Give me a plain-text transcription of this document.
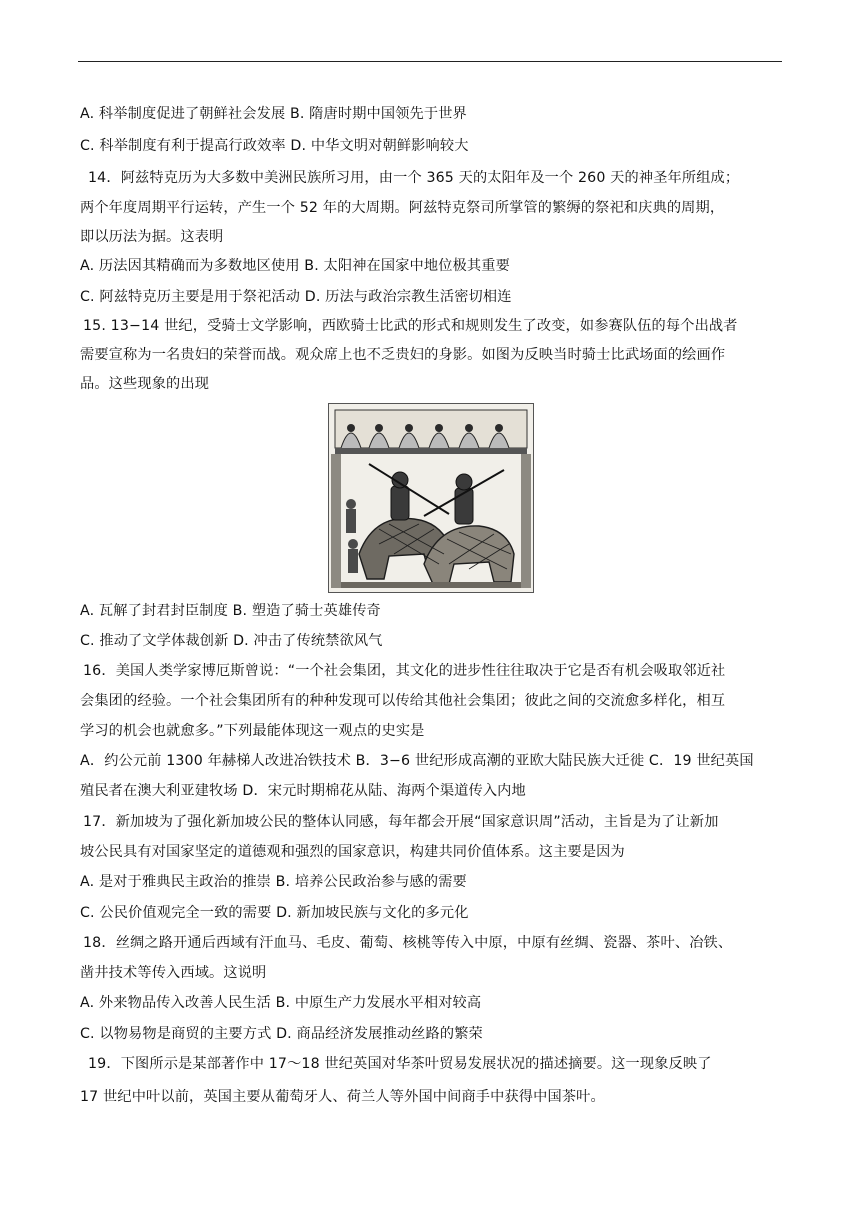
A. 科举制度促进了朝鲜社会发展 B. 隋唐时期中国领先于世界
C. 科举制度有利于提高行政效率 D. 中华文明对朝鲜影响较大
14．阿兹特克历为大多数中美洲民族所习用，由一个 365 天的太阳年及一个 260 天的神圣年所组成；
两个年度周期平行运转，产生一个 52 年的大周期。阿兹特克祭司所掌管的繁缛的祭祀和庆典的周期，
即以历法为据。这表明
A. 历法因其精确而为多数地区使用 B. 太阳神在国家中地位极其重要
C. 阿兹特克历主要是用于祭祀活动 D. 历法与政治宗教生活密切相连
15. 13−14 世纪，受骑士文学影响，西欧骑士比武的形式和规则发生了改变，如参赛队伍的每个出战者
需要宣称为一名贵妇的荣誉而战。观众席上也不乏贵妇的身影。如图为反映当时骑士比武场面的绘画作
品。这些现象的出现
A. 瓦解了封君封臣制度 B. 塑造了骑士英雄传奇
C. 推动了文学体裁创新 D. 冲击了传统禁欲风气
16．美国人类学家博厄斯曾说：“一个社会集团，其文化的进步性往往取决于它是否有机会吸取邻近社
会集团的经验。一个社会集团所有的种种发现可以传给其他社会集团；彼此之间的交流愈多样化，相互
学习的机会也就愈多。”下列最能体现这一观点的史实是
A．约公元前 1300 年赫梯人改进冶铁技术 B．3−6 世纪形成高潮的亚欧大陆民族大迁徙 C．19 世纪英国
殖民者在澳大利亚建牧场 D．宋元时期棉花从陆、海两个渠道传入内地
17．新加坡为了强化新加坡公民的整体认同感，每年都会开展“国家意识周”活动，主旨是为了让新加
坡公民具有对国家坚定的道德观和强烈的国家意识，构建共同价值体系。这主要是因为
A. 是对于雅典民主政治的推崇 B. 培养公民政治参与感的需要
C. 公民价值观完全一致的需要 D. 新加坡民族与文化的多元化
18．丝绸之路开通后西域有汗血马、毛皮、葡萄、核桃等传入中原，中原有丝绸、瓷器、茶叶、冶铁、
凿井技术等传入西域。这说明
A. 外来物品传入改善人民生活 B. 中原生产力发展水平相对较高
C. 以物易物是商贸的主要方式 D. 商品经济发展推动丝路的繁荣
19．下图所示是某部著作中 17～18 世纪英国对华茶叶贸易发展状况的描述摘要。这一现象反映了
17 世纪中叶以前，英国主要从葡萄牙人、荷兰人等外国中间商手中获得中国茶叶。
